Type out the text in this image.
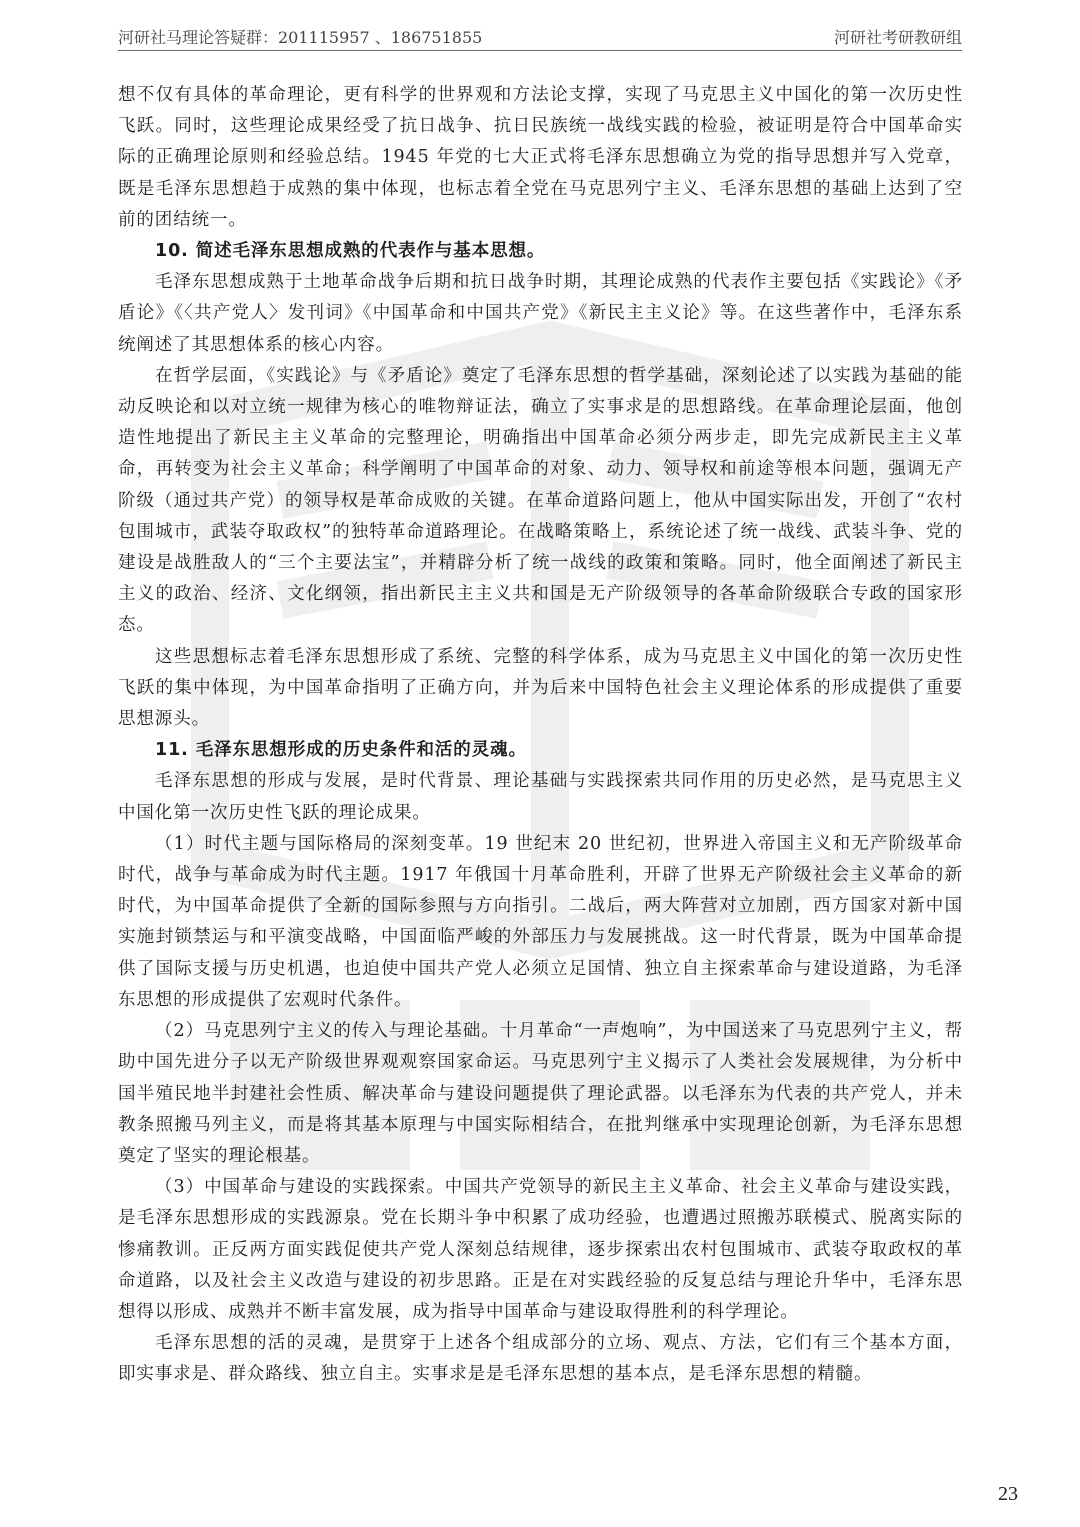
河研社马理论答疑群：201115957 、186751855	河研社考研教研组

想不仅有具体的革命理论，更有科学的世界观和方法论支撑，实现了马克思主义中国化的第一次历史性飞跃。同时，这些理论成果经受了抗日战争、抗日民族统一战线实践的检验，被证明是符合中国革命实际的正确理论原则和经验总结。1945 年党的七大正式将毛泽东思想确立为党的指导思想并写入党章，既是毛泽东思想趋于成熟的集中体现，也标志着全党在马克思列宁主义、毛泽东思想的基础上达到了空前的团结统一。

10. 简述毛泽东思想成熟的代表作与基本思想。

毛泽东思想成熟于土地革命战争后期和抗日战争时期，其理论成熟的代表作主要包括《实践论》《矛盾论》《〈共产党人〉发刊词》《中国革命和中国共产党》《新民主主义论》等。在这些著作中，毛泽东系统阐述了其思想体系的核心内容。

在哲学层面，《实践论》与《矛盾论》奠定了毛泽东思想的哲学基础，深刻论述了以实践为基础的能动反映论和以对立统一规律为核心的唯物辩证法，确立了实事求是的思想路线。在革命理论层面，他创造性地提出了新民主主义革命的完整理论，明确指出中国革命必须分两步走，即先完成新民主主义革命，再转变为社会主义革命；科学阐明了中国革命的对象、动力、领导权和前途等根本问题，强调无产阶级（通过共产党）的领导权是革命成败的关键。在革命道路问题上，他从中国实际出发，开创了“农村包围城市，武装夺取政权”的独特革命道路理论。在战略策略上，系统论述了统一战线、武装斗争、党的建设是战胜敌人的“三个主要法宝”，并精辟分析了统一战线的政策和策略。同时，他全面阐述了新民主主义的政治、经济、文化纲领，指出新民主主义共和国是无产阶级领导的各革命阶级联合专政的国家形态。

这些思想标志着毛泽东思想形成了系统、完整的科学体系，成为马克思主义中国化的第一次历史性飞跃的集中体现，为中国革命指明了正确方向，并为后来中国特色社会主义理论体系的形成提供了重要思想源头。

11. 毛泽东思想形成的历史条件和活的灵魂。

毛泽东思想的形成与发展，是时代背景、理论基础与实践探索共同作用的历史必然，是马克思主义中国化第一次历史性飞跃的理论成果。

（1）时代主题与国际格局的深刻变革。19 世纪末 20 世纪初，世界进入帝国主义和无产阶级革命时代，战争与革命成为时代主题。1917 年俄国十月革命胜利，开辟了世界无产阶级社会主义革命的新时代，为中国革命提供了全新的国际参照与方向指引。二战后，两大阵营对立加剧，西方国家对新中国实施封锁禁运与和平演变战略，中国面临严峻的外部压力与发展挑战。这一时代背景，既为中国革命提供了国际支援与历史机遇，也迫使中国共产党人必须立足国情、独立自主探索革命与建设道路，为毛泽东思想的形成提供了宏观时代条件。

（2）马克思列宁主义的传入与理论基础。十月革命“一声炮响”，为中国送来了马克思列宁主义，帮助中国先进分子以无产阶级世界观观察国家命运。马克思列宁主义揭示了人类社会发展规律，为分析中国半殖民地半封建社会性质、解决革命与建设问题提供了理论武器。以毛泽东为代表的共产党人，并未教条照搬马列主义，而是将其基本原理与中国实际相结合，在批判继承中实现理论创新，为毛泽东思想奠定了坚实的理论根基。

（3）中国革命与建设的实践探索。中国共产党领导的新民主主义革命、社会主义革命与建设实践，是毛泽东思想形成的实践源泉。党在长期斗争中积累了成功经验，也遭遇过照搬苏联模式、脱离实际的惨痛教训。正反两方面实践促使共产党人深刻总结规律，逐步探索出农村包围城市、武装夺取政权的革命道路，以及社会主义改造与建设的初步思路。正是在对实践经验的反复总结与理论升华中，毛泽东思想得以形成、成熟并不断丰富发展，成为指导中国革命与建设取得胜利的科学理论。

毛泽东思想的活的灵魂，是贯穿于上述各个组成部分的立场、观点、方法，它们有三个基本方面，即实事求是、群众路线、独立自主。实事求是是毛泽东思想的基本点，是毛泽东思想的精髓。

23
